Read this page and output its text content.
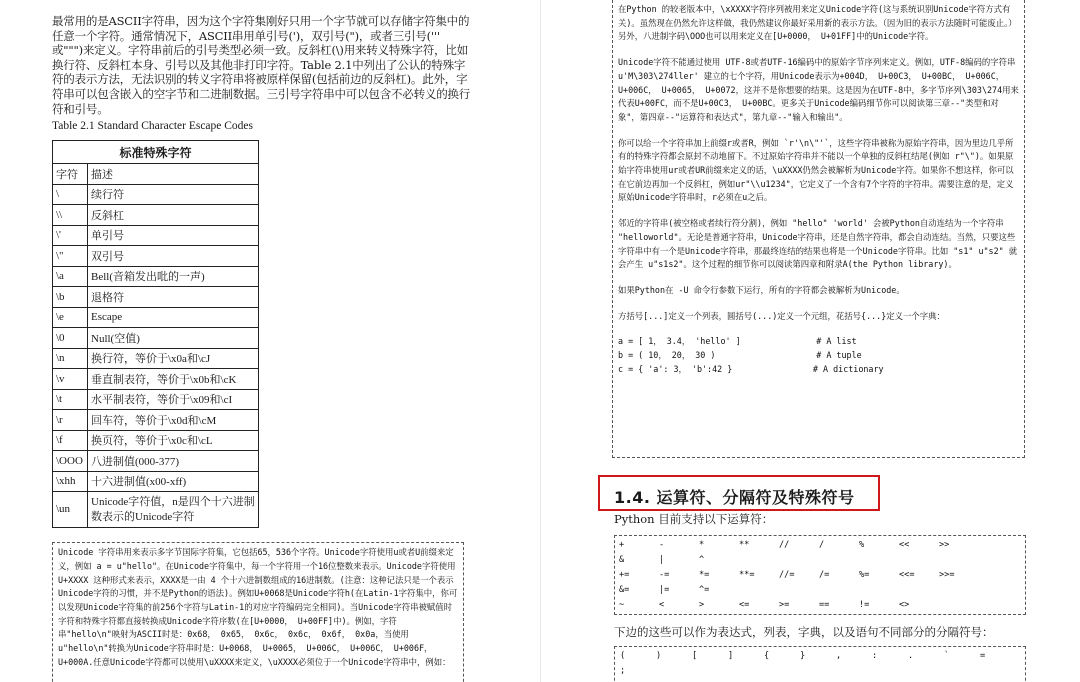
最常用的是ASCII字符串，因为这个字符集刚好只用一个字节就可以存储字符集中的任意一个字符。通常情况下，ASCII串用单引号(')，双引号(")，或者三引号(''' 或""")来定义。字符串前后的引号类型必须一致。反斜杠(\)用来转义特殊字符，比如换行符、反斜杠本身、引号以及其他非打印字符。Table 2.1中列出了公认的特殊字符的表示方法，无法识别的转义字符串将被原样保留(包括前边的反斜杠)。此外，字符串可以包含嵌入的空字节和二进制数据。三引号字符串中可以包含不必转义的换行符和引号。

Table 2.1 Standard Character Escape Codes

标准特殊字符	
字符	描述
\	续行符
\\	反斜杠
\'	单引号
\"	双引号
\a	Bell(音箱发出吡的一声)
\b	退格符
\e	Escape
\0	Null(空值)
\n	换行符，等价于\x0a和\cJ
\v	垂直制表符，等价于\x0b和\cK
\t	水平制表符，等价于\x09和\cI
\r	回车符，等价于\x0d和\cM
\f	换页符，等价于\x0c和\cL
\OOO	八进制值(000-377)
\xhh	十六进制值(x00-xff)
\un	Unicode字符值，n是四个十六进制数表示的Unicode字符

Unicode 字符串用来表示多字节国际字符集，它包括65，536个字符。Unicode字符使用u或者U前缀来定义，例如 a = u"hello"。在Unicode字符集中，每一个字符用一个16位整数来表示。Unicode字符使用 U+XXXX 这种形式来表示，XXXX是一由 4 个十六进制数组成的16进制数。(注意：这种记法只是一个表示Unicode字符的习惯，并不是Python的语法)。例如U+0068是Unicode字符h(在Latin-1字符集中，你可以发现Unicode字符集的前256个字符与Latin-1的对应字符编码完全相同)。当Unicode字符串被赋值时字符和特殊字符都直接转换成Unicode字符序数(在[U+0000， U+00FF]中)。例如，字符串"hello\n"映射为ASCII时是：0x68， 0x65， 0x6c， 0x6c， 0x6f， 0x0a，当使用u"hello\n"转换为Unicode字符串时是：U+0068， U+0065， U+006C， U+006C， U+006F， U+000A.任意Unicode字符都可以使用\uXXXX来定义，\uXXXX必须位于一个Unicode字符串中，例如：

在Python 的较老版本中，\xXXXX字符序列被用来定义Unicode字符(这与系统识别Unicode字符方式有关)。虽然现在仍然允许这样做，我仍然建议你最好采用新的表示方法。（因为旧的表示方法随时可能废止。）另外，八进制字码\OOO也可以用来定义在[U+0000， U+01FF]中的Unicode字符。

Unicode字符不能通过使用 UTF-8或者UTF-16编码中的原始字节序列来定义。例如，UTF-8编码的字符串 u'M\303\274ller' 建立的七个字符，用Unicode表示为+004D， U+00C3， U+00BC， U+006C， U+006C， U+0065， U+0072，这并不是你想要的结果。这是因为在UTF-8中，多字节序列\303\274用来代表U+00FC，而不是U+00C3， U+00BC。更多关于Unicode编码细节你可以阅读第三章--"类型和对象"，第四章--"运算符和表达式"，第九章--"输入和输出"。

你可以给一个字符串加上前缀r或者R，例如 `r'\n\"'`，这些字符串被称为原始字符串，因为里边几乎所有的特殊字符都会原封不动地留下。不过原始字符串并不能以一个单独的反斜杠结尾(例如 r"\")。如果原始字符串使用ur或者UR前缀来定义的话，\uXXXX仍然会被解析为Unicode字符。如果你不想这样，你可以在它前边再加一个反斜杠，例如ur"\\u1234"，它定义了一个含有7个字符的字符串。需要注意的是，定义原始Unicode字符串时，r必须在u之后。

邻近的字符串(被空格或者续行符分割)，例如 "hello" 'world' 会被Python自动连结为一个字符串 "helloworld"。无论是普通字符串，Unicode字符串，还是自然字符串，都会自动连结。当然，只要这些字符串中有一个是Unicode字符串，那最终连结的结果也将是一个Unicode字符串。比如 "s1" u"s2" 就会产生 u"s1s2"。这个过程的细节你可以阅读第四章和附录A(the Python library)。

如果Python在 -U 命令行参数下运行，所有的字符都会被解析为Unicode。

方括号[...]定义一个列表，圆括号(...)定义一个元组，花括号{...}定义一个字典：

a = [ 1， 3.4， 'hello' ]               # A list
b = ( 10， 20， 30 )                    # A tuple
c = { 'a': 3， 'b':42 }                # A dictionary
1.4. 运算符、分隔符及特殊符号
Python 目前支持以下运算符：
+	-	*	**	//	/	%	<<	>>
&	|	^
+=	-=	*=	**=	//=	/=	%=	<<=	>>=
&=	|=	^=
~	<	>	<=	>=	==	!=	<>
下边的这些可以作为表达式，列表，字典，以及语句不同部分的分隔符号：
(	)	[	]	{	}	,	:	.	`	=
;
